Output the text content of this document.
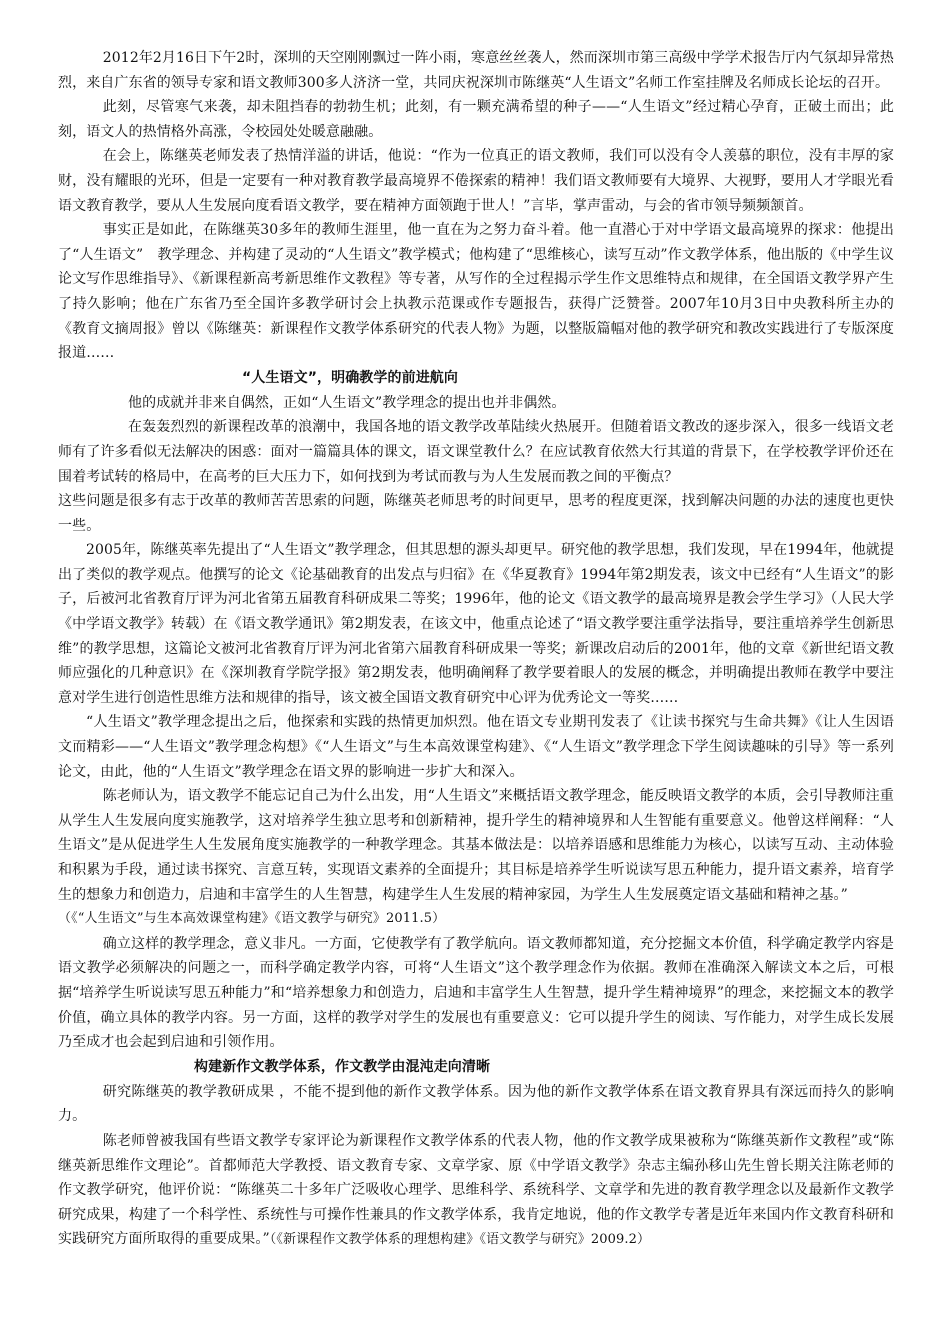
2012年2月16日下午2时，深圳的天空刚刚飘过一阵小雨，寒意丝丝袭人，然而深圳市第三高级中学学术报告厅内气氛却异常热烈，来自广东省的领导专家和语文教师300多人济济一堂，共同庆祝深圳市陈继英“人生语文”名师工作室挂牌及名师成长论坛的召开。

此刻，尽管寒气来袭，却未阻挡春的勃勃生机；此刻，有一颗充满希望的种子——“人生语文”经过精心孕育，正破土而出；此刻，语文人的热情格外高涨，令校园处处暖意融融。

在会上，陈继英老师发表了热情洋溢的讲话，他说：“作为一位真正的语文教师，我们可以没有令人羡慕的职位，没有丰厚的家财，没有耀眼的光环，但是一定要有一种对教育教学最高境界不倦探索的精神！我们语文教师要有大境界、大视野，要用人才学眼光看语文教育教学，要从人生发展向度看语文教学，要在精神方面领跑于世人！”言毕，掌声雷动，与会的省市领导频频颔首。

事实正是如此，在陈继英30多年的教师生涯里，他一直在为之努力奋斗着。他一直潜心于对中学语文最高境界的探求：他提出了“人生语文”　教学理念、并构建了灵动的“人生语文”教学模式；他构建了“思维核心，读写互动”作文教学体系，他出版的《中学生议论文写作思维指导》、《新课程新高考新思维作文教程》等专著，从写作的全过程揭示学生作文思维特点和规律，在全国语文教学界产生了持久影响；他在广东省乃至全国许多教学研讨会上执教示范课或作专题报告，获得广泛赞誉。2007年10月3日中央教科所主办的《教育文摘周报》曾以《陈继英：新课程作文教学体系研究的代表人物》为题，以整版篇幅对他的教学研究和教改实践进行了专版深度报道……

“人生语文”，明确教学的前进航向

他的成就并非来自偶然，正如“人生语文”教学理念的提出也并非偶然。

在轰轰烈烈的新课程改革的浪潮中，我国各地的语文教学改革陆续火热展开。但随着语文教改的逐步深入，很多一线语文老师有了许多看似无法解决的困惑：面对一篇篇具体的课文，语文课堂教什么？在应试教育依然大行其道的背景下，在学校教学评价还在围着考试转的格局中，在高考的巨大压力下，如何找到为考试而教与为人生发展而教之间的平衡点？

这些问题是很多有志于改革的教师苦苦思索的问题，陈继英老师思考的时间更早，思考的程度更深，找到解决问题的办法的速度也更快一些。

2005年，陈继英率先提出了“人生语文”教学理念，但其思想的源头却更早。研究他的教学思想，我们发现，早在1994年，他就提出了类似的教学观点。他撰写的论文《论基础教育的出发点与归宿》在《华夏教育》1994年第2期发表，该文中已经有“人生语文”的影子，后被河北省教育厅评为河北省第五届教育科研成果二等奖；1996年，他的论文《语文教学的最高境界是教会学生学习》（人民大学《中学语文教学》转载）在《语文教学通讯》第2期发表，在该文中，他重点论述了“语文教学要注重学法指导，要注重培养学生创新思维”的教学思想，这篇论文被河北省教育厅评为河北省第六届教育科研成果一等奖；新课改启动后的2001年，他的文章《新世纪语文教师应强化的几种意识》在《深圳教育学院学报》第2期发表，他明确阐释了教学要着眼人的发展的概念，并明确提出教师在教学中要注意对学生进行创造性思维方法和规律的指导，该文被全国语文教育研究中心评为优秀论文一等奖……

“人生语文”教学理念提出之后，他探索和实践的热情更加炽烈。他在语文专业期刊发表了《让读书探究与生命共舞》《让人生因语文而精彩——“人生语文”教学理念构想》《“人生语文”与生本高效课堂构建》、《“人生语文”教学理念下学生阅读趣味的引导》等一系列论文，由此，他的“人生语文”教学理念在语文界的影响进一步扩大和深入。

陈老师认为，语文教学不能忘记自己为什么出发，用“人生语文”来概括语文教学理念，能反映语文教学的本质，会引导教师注重从学生人生发展向度实施教学，这对培养学生独立思考和创新精神，提升学生的精神境界和人生智能有重要意义。他曾这样阐释：“人生语文”是从促进学生人生发展角度实施教学的一种教学理念。其基本做法是：以培养语感和思维能力为核心，以读写互动、主动体验和积累为手段，通过读书探究、言意互转，实现语文素养的全面提升；其目标是培养学生听说读写思五种能力，提升语文素养，培育学生的想象力和创造力，启迪和丰富学生的人生智慧，构建学生人生发展的精神家园，为学生人生发展奠定语文基础和精神之基。”

（《“人生语文”与生本高效课堂构建》《语文教学与研究》2011.5）

确立这样的教学理念，意义非凡。一方面，它使教学有了教学航向。语文教师都知道，充分挖掘文本价值，科学确定教学内容是语文教学必须解决的问题之一，而科学确定教学内容，可将“人生语文”这个教学理念作为依据。教师在准确深入解读文本之后，可根据“培养学生听说读写思五种能力”和“培养想象力和创造力，启迪和丰富学生人生智慧，提升学生精神境界”的理念，来挖掘文本的教学价值，确立具体的教学内容。另一方面，这样的教学对学生的发展也有重要意义：它可以提升学生的阅读、写作能力，对学生成长发展乃至成才也会起到启迪和引领作用。

构建新作文教学体系，作文教学由混沌走向清晰

研究陈继英的教学教研成果 ，不能不提到他的新作文教学体系。因为他的新作文教学体系在语文教育界具有深远而持久的影响力。

陈老师曾被我国有些语文教学专家评论为新课程作文教学体系的代表人物，他的作文教学成果被称为“陈继英新作文教程”或“陈继英新思维作文理论”。首都师范大学教授、语文教育专家、文章学家、原《中学语文教学》杂志主编孙移山先生曾长期关注陈老师的作文教学研究，他评价说：“陈继英二十多年广泛吸收心理学、思维科学、系统科学、文章学和先进的教育教学理念以及最新作文教学研究成果，构建了一个科学性、系统性与可操作性兼具的作文教学体系，我肯定地说，他的作文教学专著是近年来国内作文教育科研和实践研究方面所取得的重要成果。”（《新课程作文教学体系的理想构建》《语文教学与研究》2009.2）
